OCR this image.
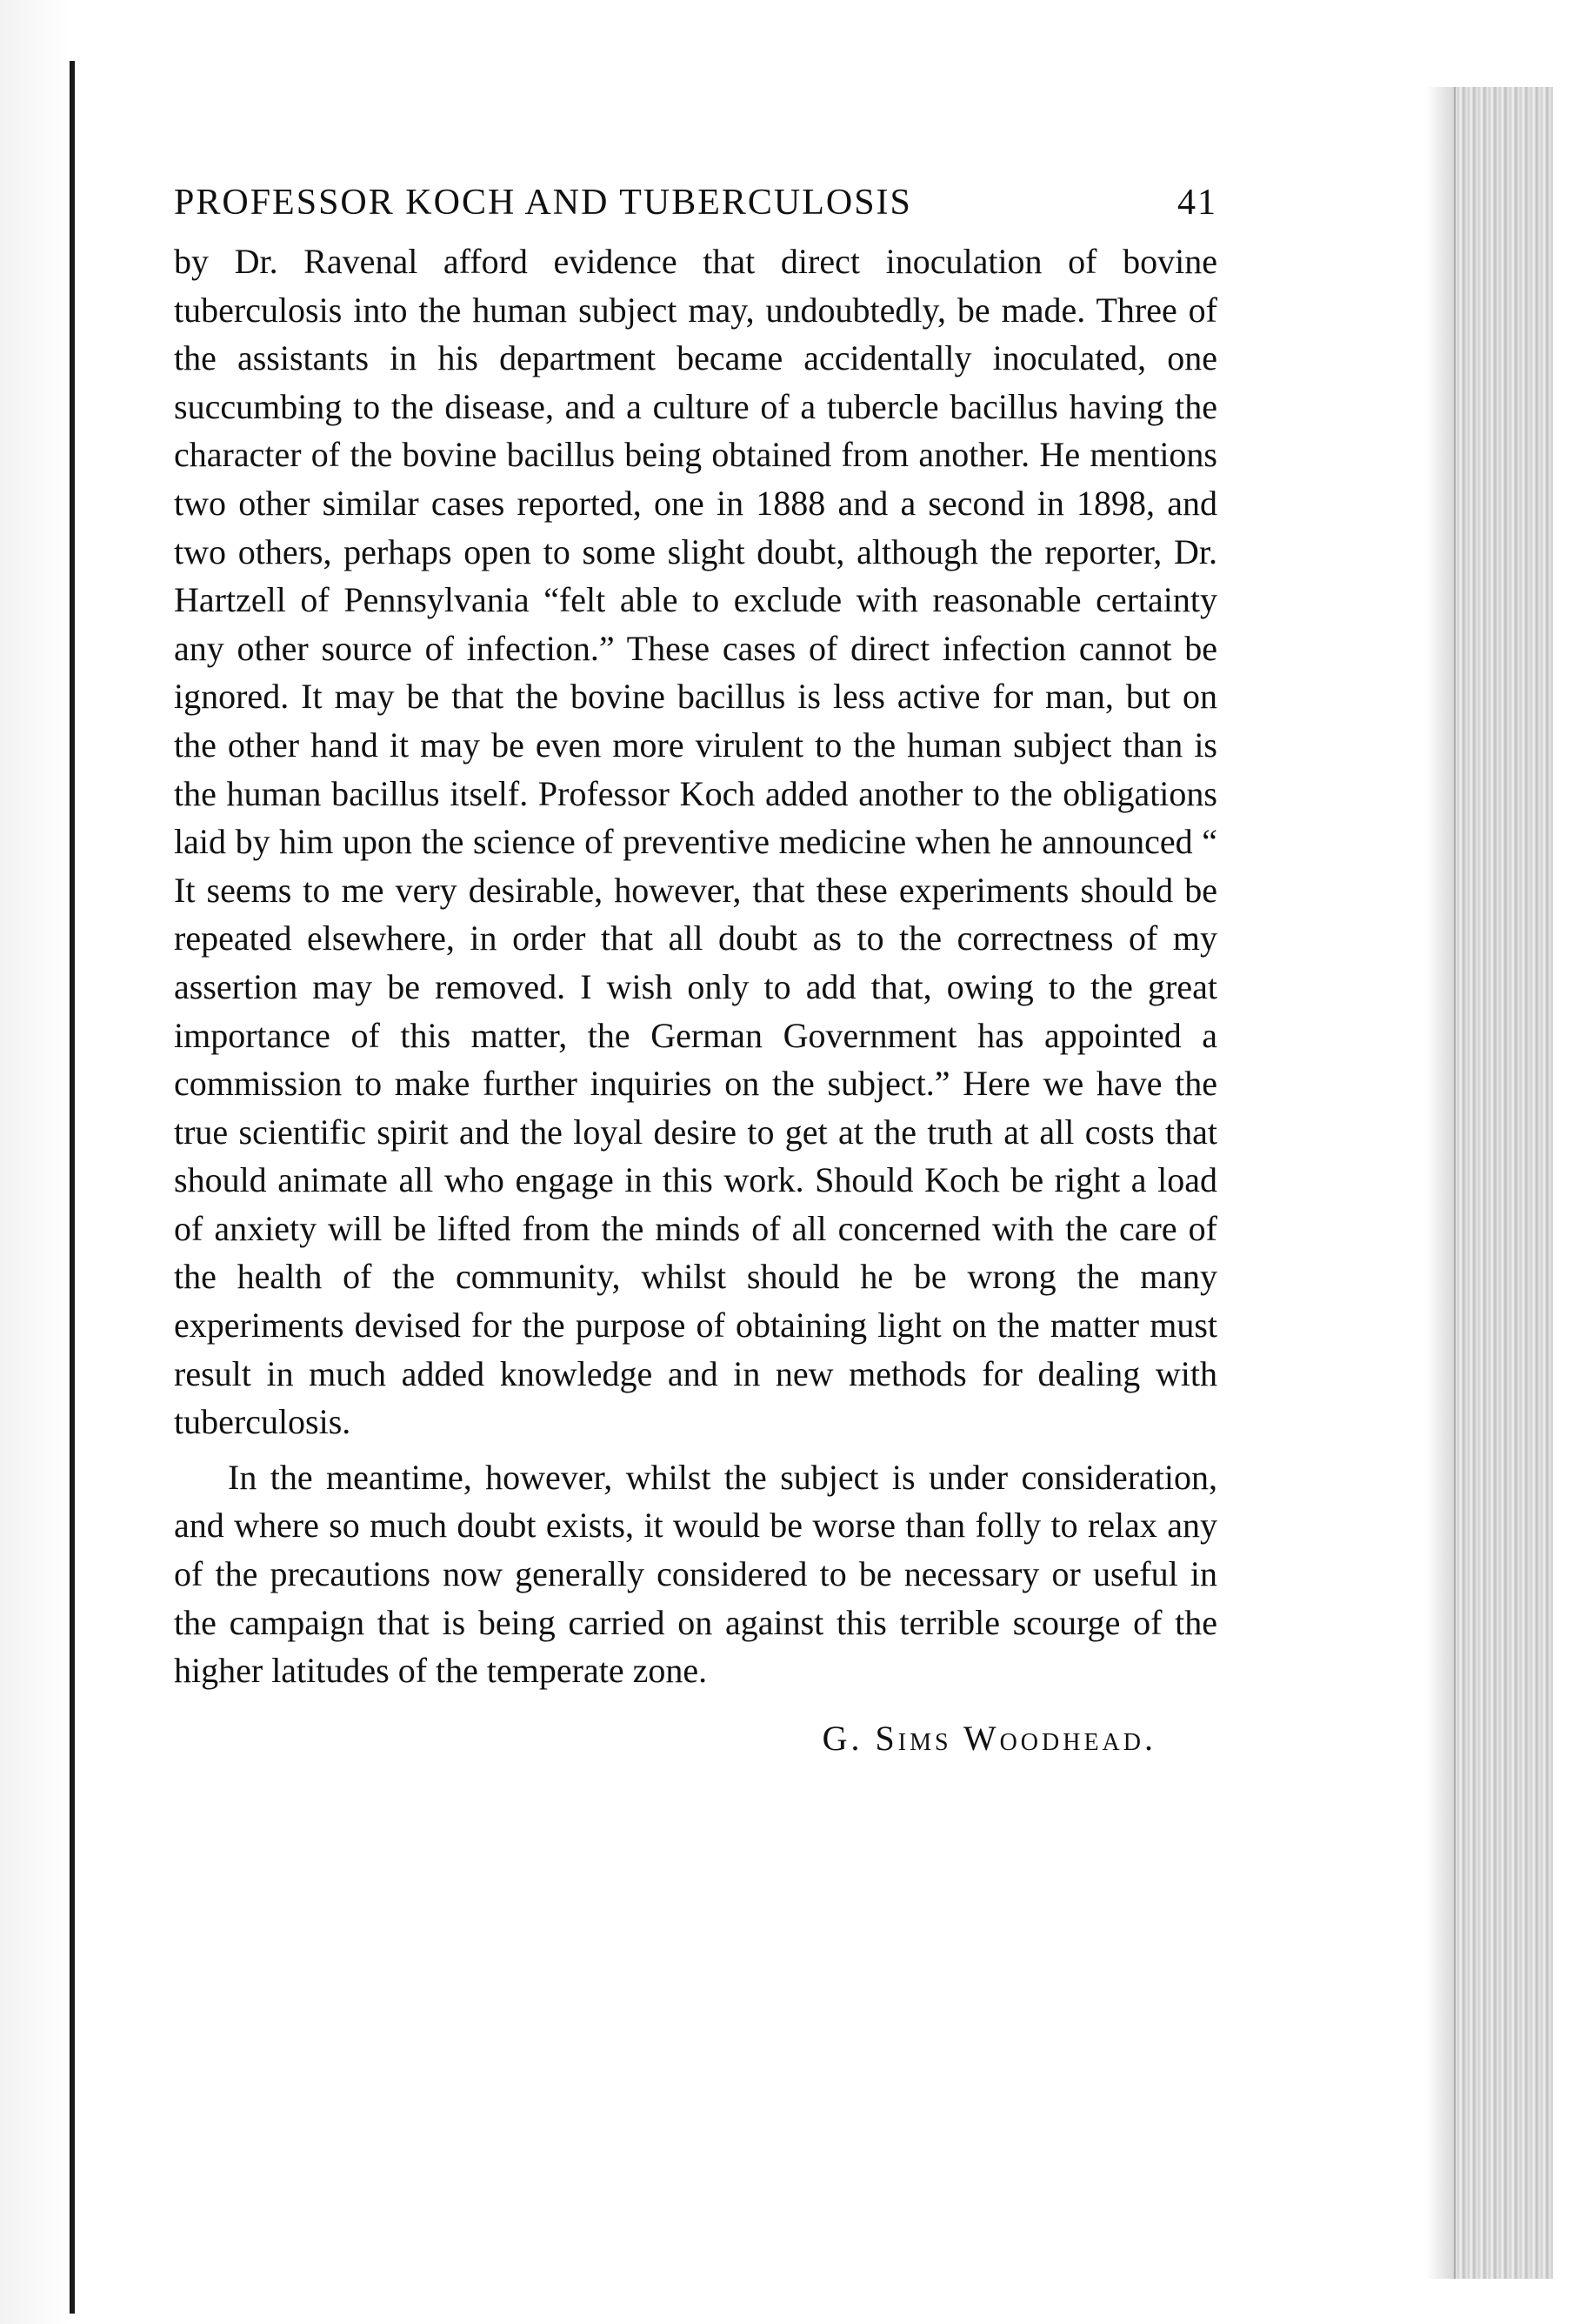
PROFESSOR KOCH AND TUBERCULOSIS	41

by Dr. Ravenal afford evidence that direct inoculation of bovine tuberculosis into the human subject may, undoubtedly, be made. Three of the assistants in his department became accidentally inoculated, one succumbing to the disease, and a culture of a tubercle bacillus having the character of the bovine bacillus being obtained from another. He mentions two other similar cases reported, one in 1888 and a second in 1898, and two others, perhaps open to some slight doubt, although the reporter, Dr. Hartzell of Pennsylvania “felt able to exclude with reasonable certainty any other source of infection.” These cases of direct infection cannot be ignored. It may be that the bovine bacillus is less active for man, but on the other hand it may be even more virulent to the human subject than is the human bacillus itself. Professor Koch added another to the obligations laid by him upon the science of preventive medicine when he announced “ It seems to me very desirable, however, that these experiments should be repeated elsewhere, in order that all doubt as to the correctness of my assertion may be removed. I wish only to add that, owing to the great importance of this matter, the German Government has appointed a commission to make further inquiries on the subject.” Here we have the true scientific spirit and the loyal desire to get at the truth at all costs that should animate all who engage in this work. Should Koch be right a load of anxiety will be lifted from the minds of all concerned with the care of the health of the community, whilst should he be wrong the many experiments devised for the purpose of obtaining light on the matter must result in much added knowledge and in new methods for dealing with tuberculosis.

In the meantime, however, whilst the subject is under consideration, and where so much doubt exists, it would be worse than folly to relax any of the precautions now generally considered to be necessary or useful in the campaign that is being carried on against this terrible scourge of the higher latitudes of the temperate zone.

G. Sims Woodhead.
